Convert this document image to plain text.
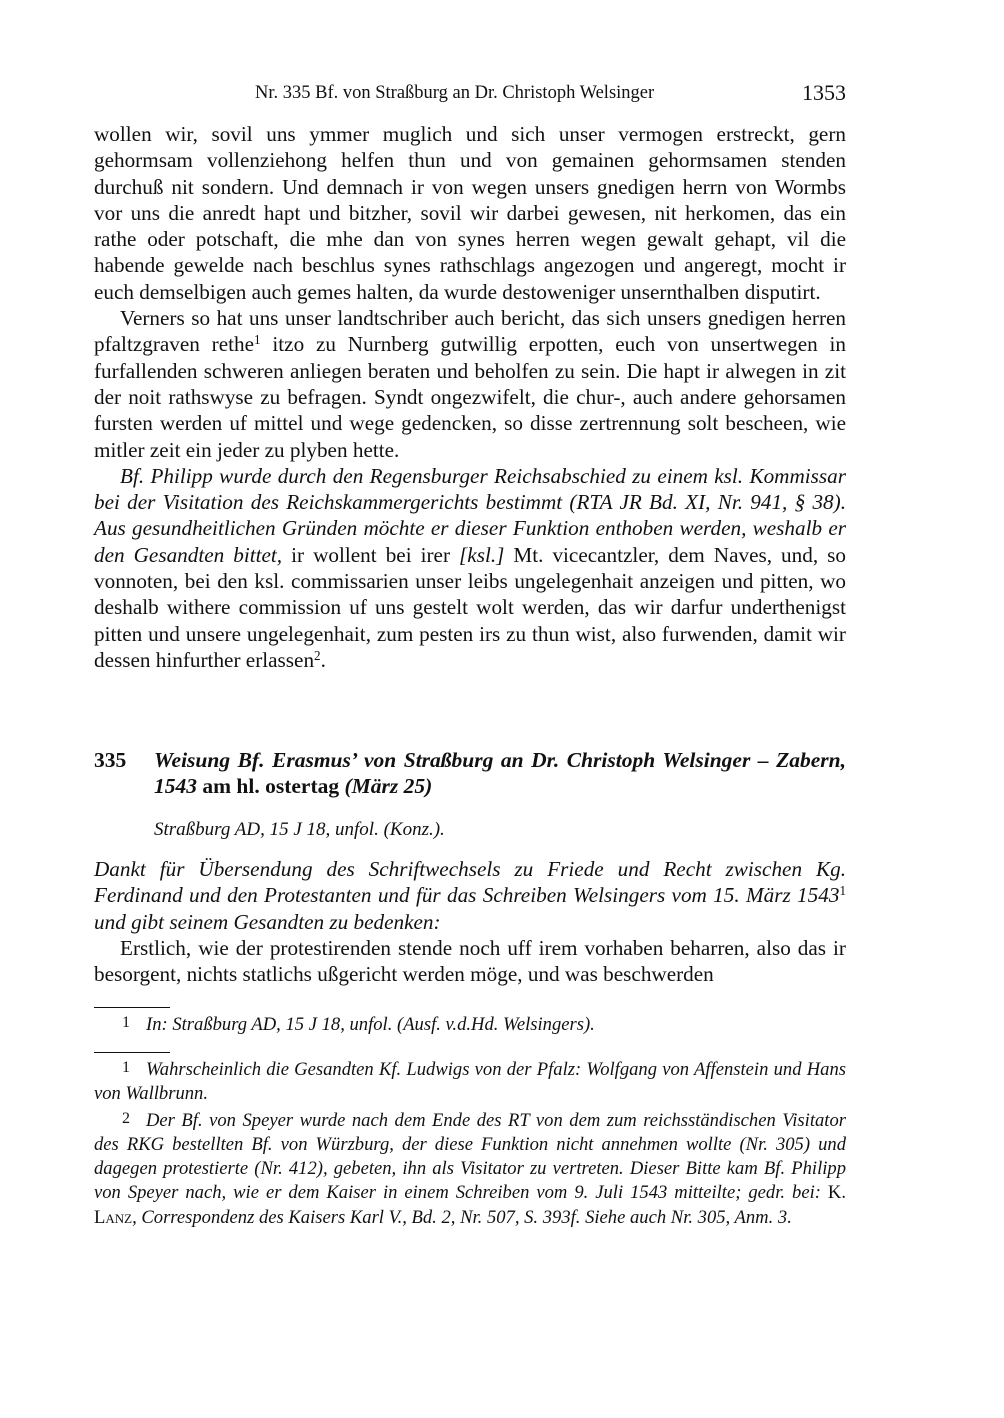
Nr. 335 Bf. von Straßburg an Dr. Christoph Welsinger	1353

wollen wir, sovil uns ymmer muglich und sich unser vermogen erstreckt, gern gehormsam vollenziehong helfen thun und von gemainen gehormsamen stenden durchuß nit sondern. Und demnach ir von wegen unsers gnedigen herrn von Wormbs vor uns die anredt hapt und bitzher, sovil wir darbei gewesen, nit herkomen, das ein rathe oder potschaft, die mhe dan von synes herren wegen gewalt gehapt, vil die habende gewelde nach beschlus synes rathschlags angezogen und angeregt, mocht ir euch demselbigen auch gemes halten, da wurde destoweniger unsernthalben disputirt.

Verners so hat uns unser landtschriber auch bericht, das sich unsers gnedigen herren pfaltzgraven rethe$^1$ itzo zu Nurnberg gutwillig erpotten, euch von unsertwegen in furfallenden schweren anliegen beraten und beholfen zu sein. Die hapt ir alwegen in zit der noit rathswyse zu befragen. Syndt ongezwifelt, die chur-, auch andere gehorsamen fursten werden uf mittel und wege gedencken, so disse zertrennung solt bescheen, wie mitler zeit ein jeder zu plyben hette.

Bf. Philipp wurde durch den Regensburger Reichsabschied zu einem ksl. Kommissar bei der Visitation des Reichskammergerichts bestimmt (RTA JR Bd. XI, Nr. 941, § 38). Aus gesundheitlichen Gründen möchte er dieser Funktion enthoben werden, weshalb er den Gesandten bittet, ir wollent bei irer [ksl.] Mt. vicecantzler, dem Naves, und, so vonnoten, bei den ksl. commissarien unser leibs ungelegenhait anzeigen und pitten, wo deshalb withere commission uf uns gestelt wolt werden, das wir darfur underthenigst pitten und unsere ungelegenhait, zum pesten irs zu thun wist, also furwenden, damit wir dessen hinfurther erlassen$^2$.

335 Weisung Bf. Erasmus’ von Straßburg an Dr. Christoph Welsinger – Zabern, 1543 am hl. ostertag (März 25)
Straßburg AD, 15 J 18, unfol. (Konz.).

Dankt für Übersendung des Schriftwechsels zu Friede und Recht zwischen Kg. Ferdinand und den Protestanten und für das Schreiben Welsingers vom 15. März 1543$^1$ und gibt seinem Gesandten zu bedenken:

Erstlich, wie der protestirenden stende noch uff irem vorhaben beharren, also das ir besorgent, nichts statlichs ußgericht werden möge, und was beschwerden

1 In: Straßburg AD, 15 J 18, unfol. (Ausf. v.d.Hd. Welsingers).

1 Wahrscheinlich die Gesandten Kf. Ludwigs von der Pfalz: Wolfgang von Affenstein und Hans von Wallbrunn.

2 Der Bf. von Speyer wurde nach dem Ende des RT von dem zum reichsständischen Visitator des RKG bestellten Bf. von Würzburg, der diese Funktion nicht annehmen wollte (Nr. 305) und dagegen protestierte (Nr. 412), gebeten, ihn als Visitator zu vertreten. Dieser Bitte kam Bf. Philipp von Speyer nach, wie er dem Kaiser in einem Schreiben vom 9. Juli 1543 mitteilte; gedr. bei: K. Lanz, Correspondenz des Kaisers Karl V., Bd. 2, Nr. 507, S. 393f. Siehe auch Nr. 305, Anm. 3.
